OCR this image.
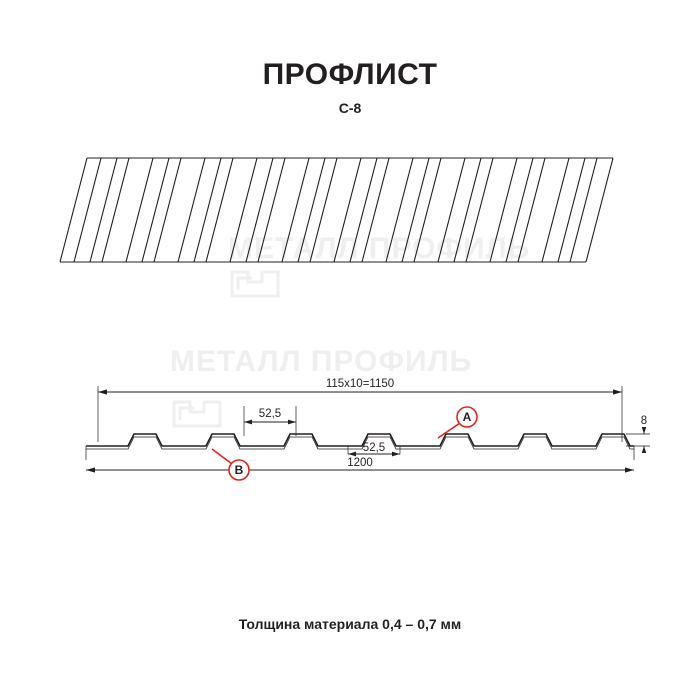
ПРОФЛИСТ
С-8
МЕТАЛЛ ПРОФИЛЬ
МЕТАЛЛ ПРОФИЛЬ
115x10=1150
52,5
52,5
1200
8
A
B
Толщина материала 0,4 – 0,7 мм
